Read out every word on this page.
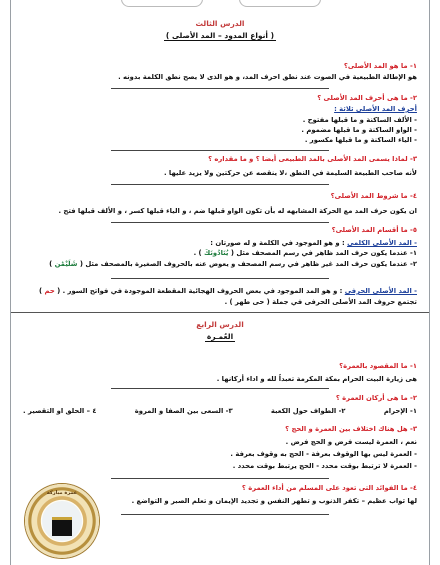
الدرس الثالث
( أنواع المدود – المد الأصلى )
١- ما هو المد الأصلى؟
هو الإطالة الطبيعية في الصوت عند نطق احرف المد، و هو الذى لا يصح نطق الكلمة بدونه .
٢- ما هى أحرف المد الأصلى ؟
أحرف المد الأصلى ثلاثة :
- الألف الساكنة و ما قبلها مفتوح .
- الواو الساكنة و ما قبلها مضموم .
- الياء الساكنة و ما قبلها مكسور .
٣- لماذا يسمى المد الأصلى بالمد الطبيعى أيضا ؟ و ما مقداره ؟
لأنه صاحب الطبيعة السليمة في النطق ،لا ينقصه عن حركتين ولا يزيد عليها .
٤- ما شروط المد الأصلى؟
ان يكون حرف المد مع الحركة المشابهه له بأن تكون الواو قبلها ضم ، و الياء قبلها كسر ، و الألف قبلها فتح .
٥- ما أقسام المد الأصلى؟
- المد الأصلى الكلمى : و هو الموجود في الكلمة و له صورتان :
١- عندما يكون حرف المد ظاهر في رسم المصحف مثل ( يُنَادُونَكَ ) .
٢- عندما يكون حرف المد غير ظاهر في رسم المصحف و يعوض عنه بالحروف الصغيرة بالمصحف مثل ( شَلَيْمَٰن )
- المد الأصلى الحرفى : و هو المد الموجود في بعض الحروف الهجائية المقطعة الموجودة في فواتح السور . ( حم )
تجتمع حروف المد الأصلى الحرفى في جملة ( حى طهر ) .
الدرس الرابع
العُمـرة
١- ما المقصود بالعمرة؟
هى زيارة البيت الحرام بمكة المكرمة تعبداً لله و اداء أركانها .
٢- ما هى أركان العمرة ؟
١- الإحرام
٢- الطواف حول الكعبة
٣- السعى بين الصفا و المروة
٤ – الحلق او التقصير .
٣- هل هناك اختلاف بين العمرة و الحج ؟
نعم ، العمرة ليست فرض و الحج فرض .
- العمرة ليس بها الوقوف بعرفة - الحج به وقوف بعرفة .
- العمرة لا ترتبط بوقت محدد - الحج يرتبط بوقت محدد .
٤- ما الفوائد التى تعود على المسلم من أداء العمرة ؟
لها ثواب عظيم – تكفر الذنوب و تطهر النفس و تجديد الإيمان و تعلم الصبر و التواضع .
عمرة مباركة
